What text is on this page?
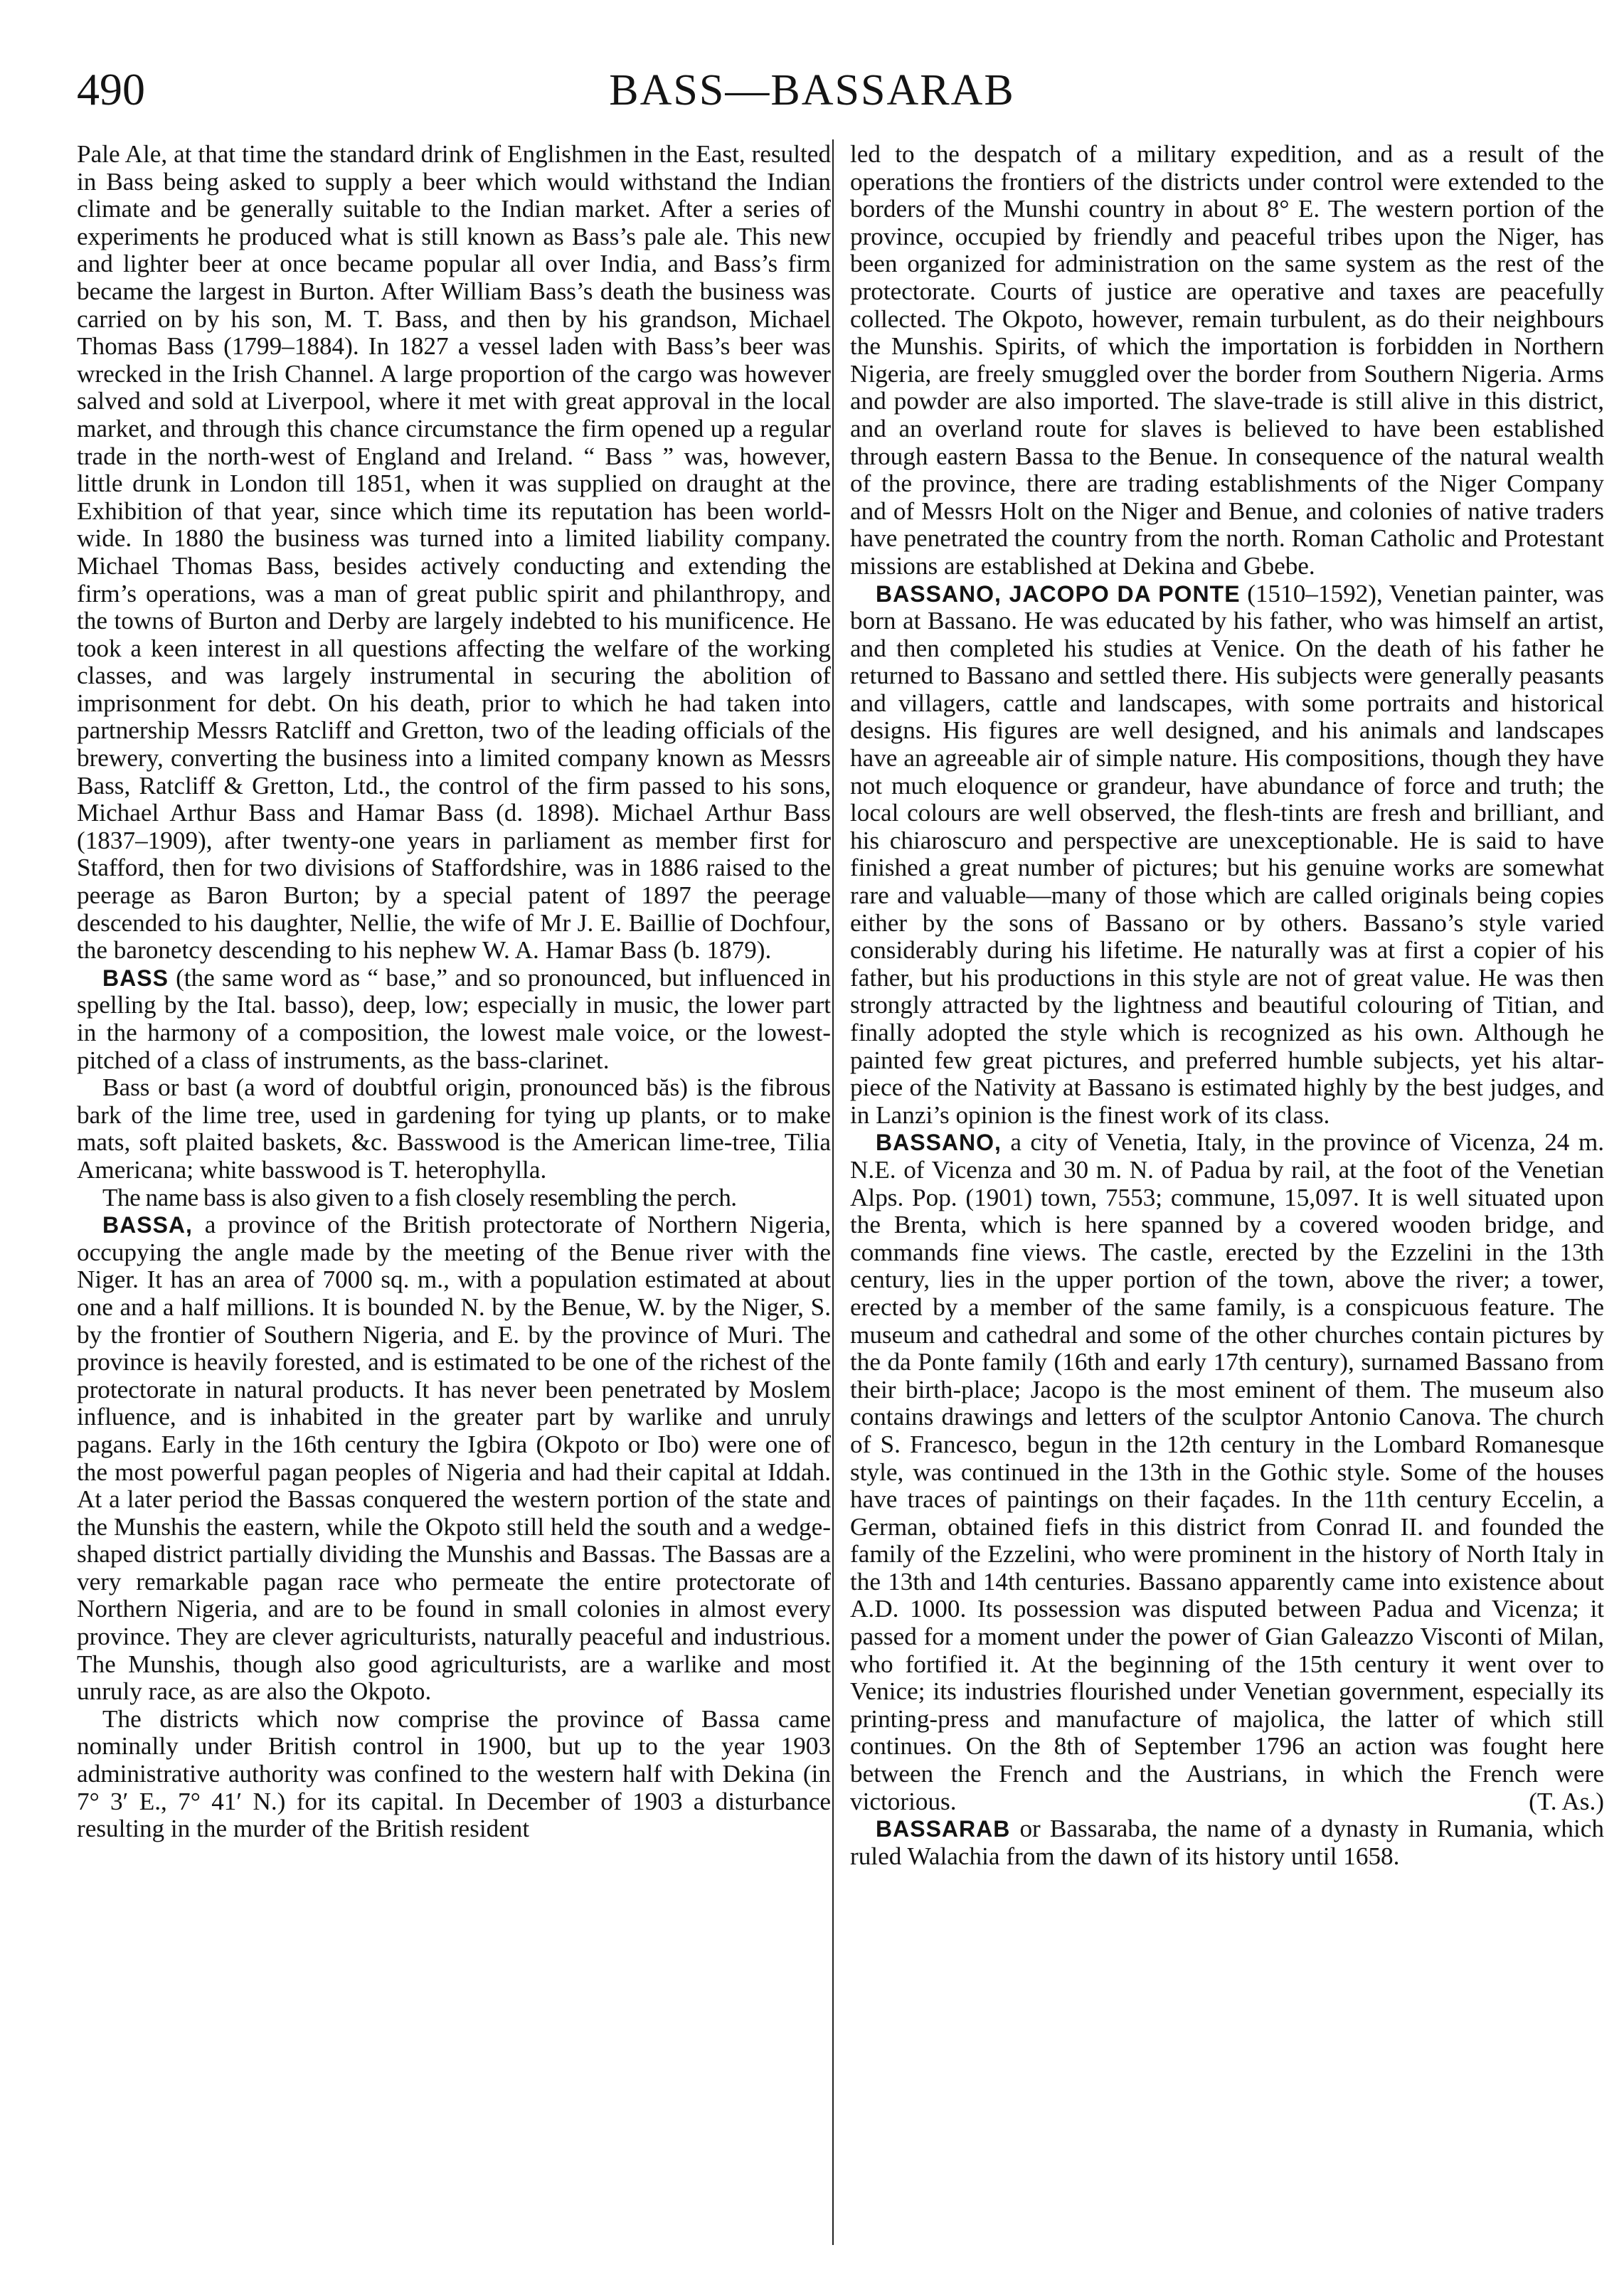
490	BASS—BASSARAB

Pale Ale, at that time the standard drink of Englishmen in the East, resulted in Bass being asked to supply a beer which would withstand the Indian climate and be generally suitable to the Indian market. After a series of experiments he produced what is still known as Bass’s pale ale. This new and lighter beer at once became popular all over India, and Bass’s firm became the largest in Burton. After William Bass’s death the business was carried on by his son, M. T. Bass, and then by his grandson, Michael Thomas Bass (1799–1884). In 1827 a vessel laden with Bass’s beer was wrecked in the Irish Channel. A large proportion of the cargo was however salved and sold at Liverpool, where it met with great approval in the local market, and through this chance circumstance the firm opened up a regular trade in the north-west of England and Ireland. “ Bass ” was, however, little drunk in London till 1851, when it was supplied on draught at the Exhibition of that year, since which time its reputation has been world-wide. In 1880 the business was turned into a limited liability company. Michael Thomas Bass, besides actively conducting and extending the firm’s operations, was a man of great public spirit and philanthropy, and the towns of Burton and Derby are largely indebted to his munificence. He took a keen interest in all questions affecting the welfare of the working classes, and was largely instrumental in securing the abolition of imprisonment for debt. On his death, prior to which he had taken into partnership Messrs Ratcliff and Gretton, two of the leading officials of the brewery, converting the business into a limited company known as Messrs Bass, Ratcliff & Gretton, Ltd., the control of the firm passed to his sons, Michael Arthur Bass and Hamar Bass (d. 1898). Michael Arthur Bass (1837–1909), after twenty-one years in parliament as member first for Stafford, then for two divisions of Staffordshire, was in 1886 raised to the peerage as Baron Burton; by a special patent of 1897 the peerage descended to his daughter, Nellie, the wife of Mr J. E. Baillie of Dochfour, the baronetcy descending to his nephew W. A. Hamar Bass (b. 1879).

BASS (the same word as “ base,” and so pronounced, but influenced in spelling by the Ital. basso), deep, low; especially in music, the lower part in the harmony of a composition, the lowest male voice, or the lowest-pitched of a class of instruments, as the bass-clarinet.

Bass or bast (a word of doubtful origin, pronounced băs) is the fibrous bark of the lime tree, used in gardening for tying up plants, or to make mats, soft plaited baskets, &c. Basswood is the American lime-tree, Tilia Americana; white basswood is T. heterophylla.

The name bass is also given to a fish closely resembling the perch.

BASSA, a province of the British protectorate of Northern Nigeria, occupying the angle made by the meeting of the Benue river with the Niger. It has an area of 7000 sq. m., with a population estimated at about one and a half millions. It is bounded N. by the Benue, W. by the Niger, S. by the frontier of Southern Nigeria, and E. by the province of Muri. The province is heavily forested, and is estimated to be one of the richest of the protectorate in natural products. It has never been penetrated by Moslem influence, and is inhabited in the greater part by warlike and unruly pagans. Early in the 16th century the Igbira (Okpoto or Ibo) were one of the most powerful pagan peoples of Nigeria and had their capital at Iddah. At a later period the Bassas conquered the western portion of the state and the Munshis the eastern, while the Okpoto still held the south and a wedge-shaped district partially dividing the Munshis and Bassas. The Bassas are a very remarkable pagan race who permeate the entire protectorate of Northern Nigeria, and are to be found in small colonies in almost every province. They are clever agriculturists, naturally peaceful and industrious. The Munshis, though also good agriculturists, are a warlike and most unruly race, as are also the Okpoto.

The districts which now comprise the province of Bassa came nominally under British control in 1900, but up to the year 1903 administrative authority was confined to the western half with Dekina (in 7° 3′ E., 7° 41′ N.) for its capital. In December of 1903 a disturbance resulting in the murder of the British resident

led to the despatch of a military expedition, and as a result of the operations the frontiers of the districts under control were extended to the borders of the Munshi country in about 8° E. The western portion of the province, occupied by friendly and peaceful tribes upon the Niger, has been organized for administration on the same system as the rest of the protectorate. Courts of justice are operative and taxes are peacefully collected. The Okpoto, however, remain turbulent, as do their neighbours the Munshis. Spirits, of which the importation is forbidden in Northern Nigeria, are freely smuggled over the border from Southern Nigeria. Arms and powder are also imported. The slave-trade is still alive in this district, and an overland route for slaves is believed to have been established through eastern Bassa to the Benue. In consequence of the natural wealth of the province, there are trading establishments of the Niger Company and of Messrs Holt on the Niger and Benue, and colonies of native traders have penetrated the country from the north. Roman Catholic and Protestant missions are established at Dekina and Gbebe.

BASSANO, JACOPO DA PONTE (1510–1592), Venetian painter, was born at Bassano. He was educated by his father, who was himself an artist, and then completed his studies at Venice. On the death of his father he returned to Bassano and settled there. His subjects were generally peasants and villagers, cattle and landscapes, with some portraits and historical designs. His figures are well designed, and his animals and landscapes have an agreeable air of simple nature. His compositions, though they have not much eloquence or grandeur, have abundance of force and truth; the local colours are well observed, the flesh-tints are fresh and brilliant, and his chiaroscuro and perspective are unexceptionable. He is said to have finished a great number of pictures; but his genuine works are somewhat rare and valuable—many of those which are called originals being copies either by the sons of Bassano or by others. Bassano’s style varied considerably during his lifetime. He naturally was at first a copier of his father, but his productions in this style are not of great value. He was then strongly attracted by the lightness and beautiful colouring of Titian, and finally adopted the style which is recognized as his own. Although he painted few great pictures, and preferred humble subjects, yet his altar-piece of the Nativity at Bassano is estimated highly by the best judges, and in Lanzi’s opinion is the finest work of its class.

BASSANO, a city of Venetia, Italy, in the province of Vicenza, 24 m. N.E. of Vicenza and 30 m. N. of Padua by rail, at the foot of the Venetian Alps. Pop. (1901) town, 7553; commune, 15,097. It is well situated upon the Brenta, which is here spanned by a covered wooden bridge, and commands fine views. The castle, erected by the Ezzelini in the 13th century, lies in the upper portion of the town, above the river; a tower, erected by a member of the same family, is a conspicuous feature. The museum and cathedral and some of the other churches contain pictures by the da Ponte family (16th and early 17th century), surnamed Bassano from their birth-place; Jacopo is the most eminent of them. The museum also contains drawings and letters of the sculptor Antonio Canova. The church of S. Francesco, begun in the 12th century in the Lombard Romanesque style, was continued in the 13th in the Gothic style. Some of the houses have traces of paintings on their façades. In the 11th century Eccelin, a German, obtained fiefs in this district from Conrad II. and founded the family of the Ezzelini, who were prominent in the history of North Italy in the 13th and 14th centuries. Bassano apparently came into existence about A.D. 1000. Its possession was disputed between Padua and Vicenza; it passed for a moment under the power of Gian Galeazzo Visconti of Milan, who fortified it. At the beginning of the 15th century it went over to Venice; its industries flourished under Venetian government, especially its printing-press and manufacture of majolica, the latter of which still continues. On the 8th of September 1796 an action was fought here between the French and the Austrians, in which the French were victorious.	(T. As.)

BASSARAB or Bassaraba, the name of a dynasty in Rumania, which ruled Walachia from the dawn of its history until 1658.
